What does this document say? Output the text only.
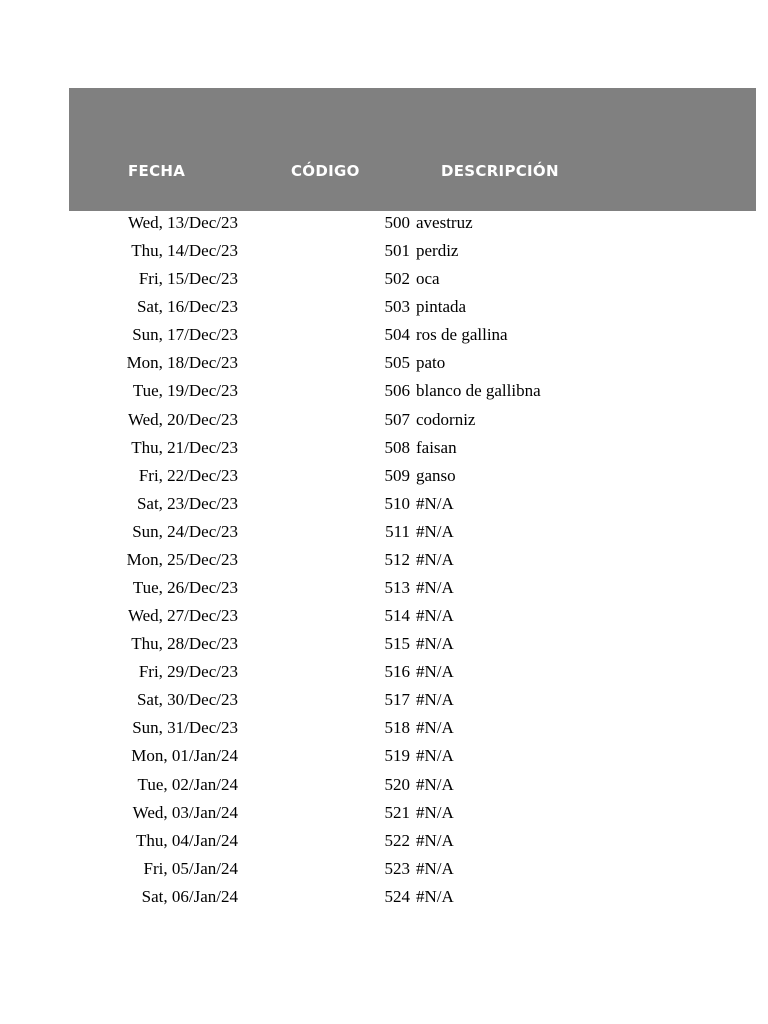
FECHA	CÓDIGO	DESCRIPCIÓN
Wed, 13/Dec/23	500 avestruz
Thu, 14/Dec/23	501 perdiz
Fri, 15/Dec/23	502 oca
Sat, 16/Dec/23	503 pintada
Sun, 17/Dec/23	504 ros de gallina
Mon, 18/Dec/23	505 pato
Tue, 19/Dec/23	506 blanco de gallibna
Wed, 20/Dec/23	507 codorniz
Thu, 21/Dec/23	508 faisan
Fri, 22/Dec/23	509 ganso
Sat, 23/Dec/23	510 #N/A
Sun, 24/Dec/23	511 #N/A
Mon, 25/Dec/23	512 #N/A
Tue, 26/Dec/23	513 #N/A
Wed, 27/Dec/23	514 #N/A
Thu, 28/Dec/23	515 #N/A
Fri, 29/Dec/23	516 #N/A
Sat, 30/Dec/23	517 #N/A
Sun, 31/Dec/23	518 #N/A
Mon, 01/Jan/24	519 #N/A
Tue, 02/Jan/24	520 #N/A
Wed, 03/Jan/24	521 #N/A
Thu, 04/Jan/24	522 #N/A
Fri, 05/Jan/24	523 #N/A
Sat, 06/Jan/24	524 #N/A
